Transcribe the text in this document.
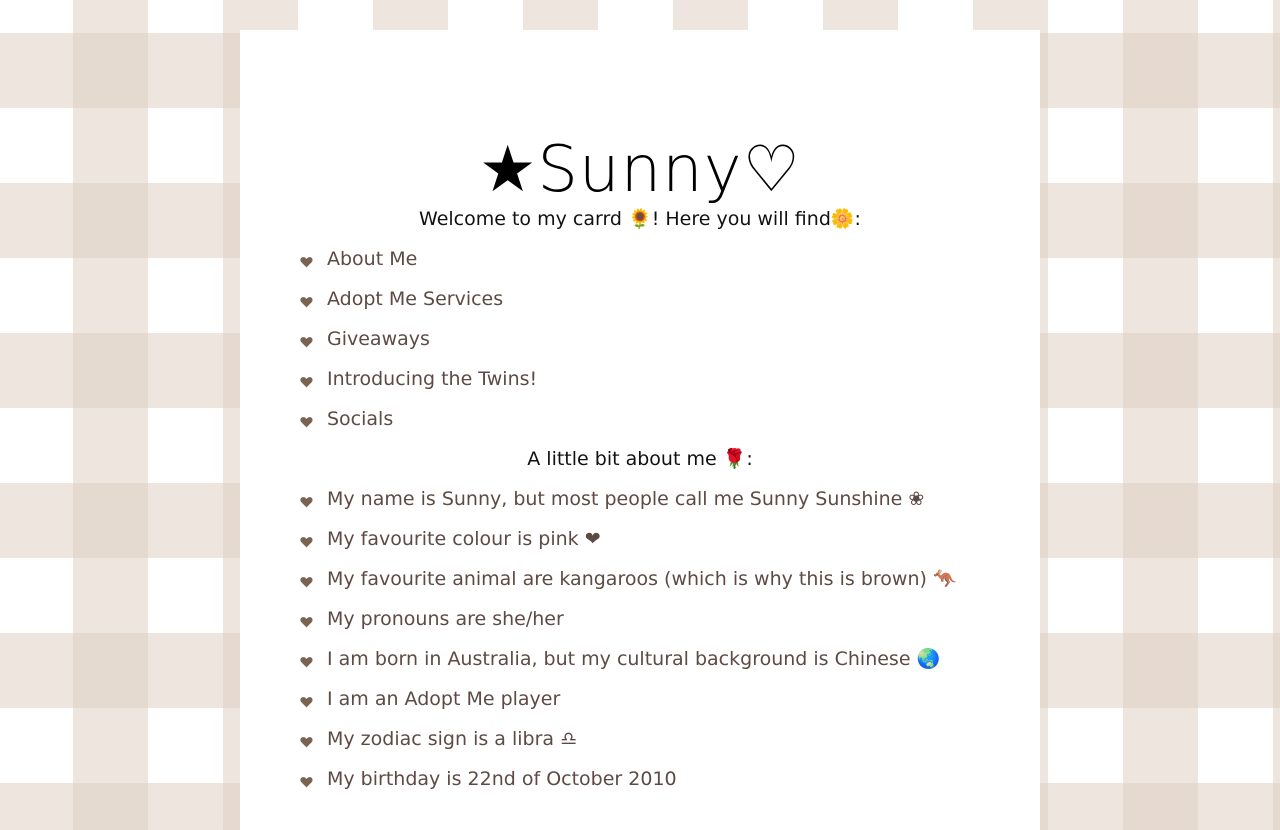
★Sunny♡
Welcome to my carrd 🌻! Here you will find🌼:
About Me
Adopt Me Services
Giveaways
Introducing the Twins!
Socials
A little bit about me 🌹:
My name is Sunny, but most people call me Sunny Sunshine ❀
My favourite colour is pink ❤
My favourite animal are kangaroos (which is why this is brown) 🦘
My pronouns are she/her
I am born in Australia, but my cultural background is Chinese 🌏
I am an Adopt Me player
My zodiac sign is a libra ♎
My birthday is 22nd of October 2010
